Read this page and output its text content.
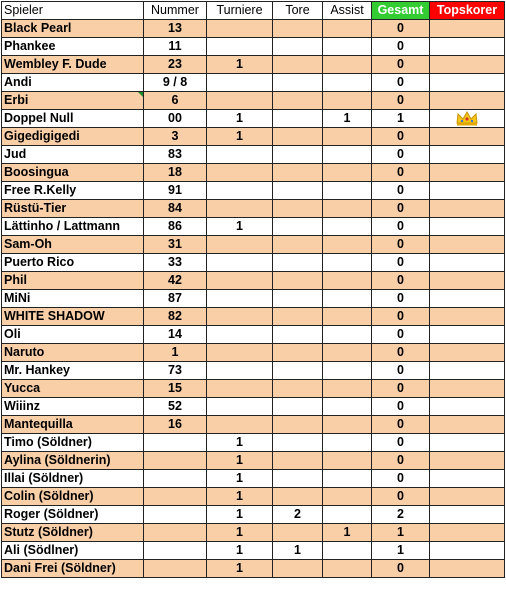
Spieler	Nummer	Turniere	Tore	Assist	Gesamt	Topskorer
Black Pearl	13				0	
Phankee	11				0	
Wembley F. Dude	23	1			0	
Andi	9 / 8				0	
Erbi	6				0	
Doppel Null	00	1		1	1	
Gigedigigedi	3	1			0	
Jud	83				0	
Boosingua	18				0	
Free R.Kelly	91				0	
Rüstü-Tier	84				0	
Lättinho / Lattmann	86	1			0	
Sam-Oh	31				0	
Puerto Rico	33				0	
Phil	42				0	
MiNi	87				0	
WHITE SHADOW	82				0	
Oli	14				0	
Naruto	1				0	
Mr. Hankey	73				0	
Yucca	15				0	
Wiiinz	52				0	
Mantequilla	16				0	
Timo (Söldner)		1			0	
Aylina (Söldnerin)		1			0	
Illai (Söldner)		1			0	
Colin (Söldner)		1			0	
Roger (Söldner)		1	2		2	
Stutz (Söldner)		1		1	1	
Ali (Södlner)		1	1		1	
Dani Frei (Söldner)		1			0	
